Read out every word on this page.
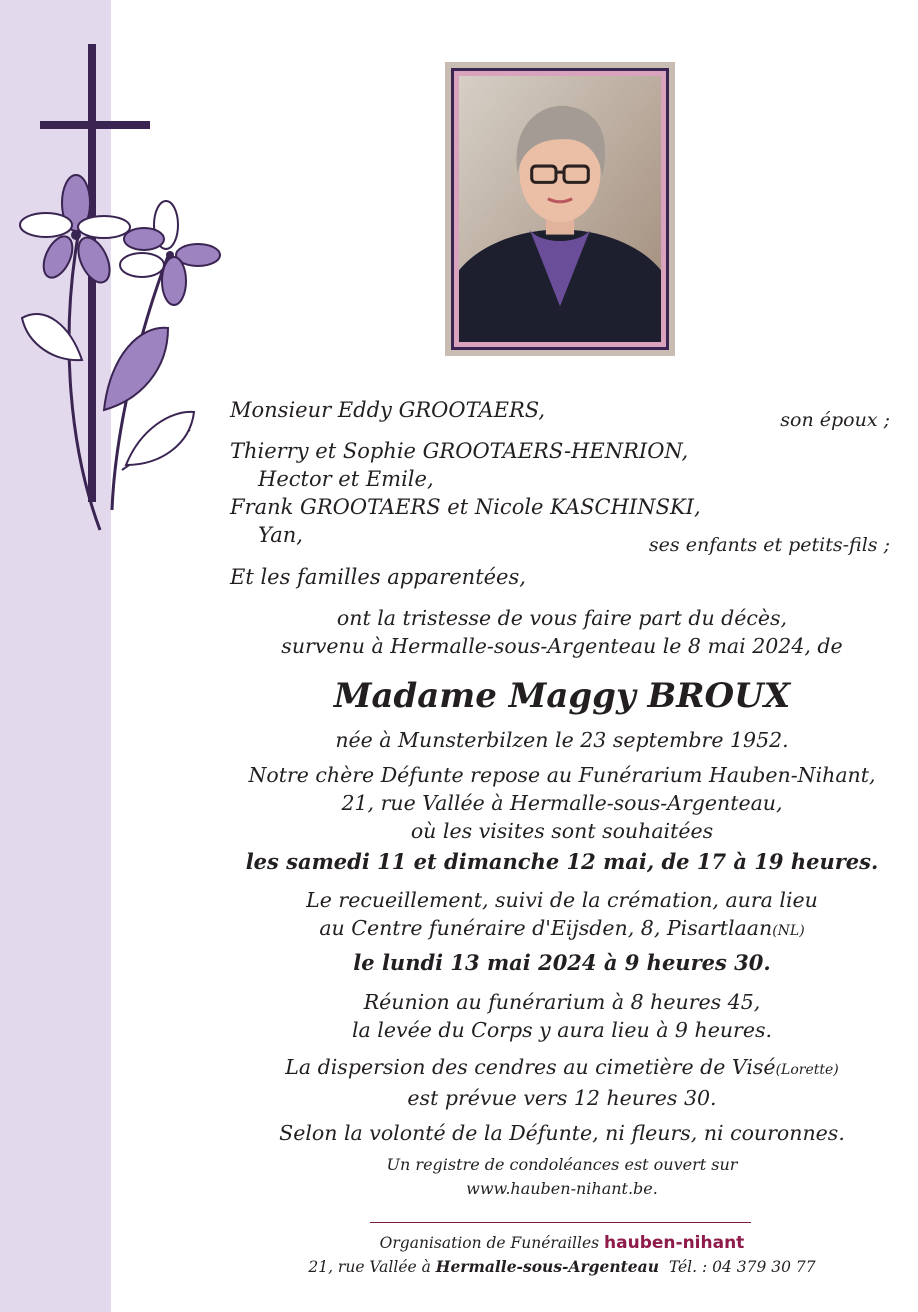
Monsieur Eddy GROOTAERS,	son époux ;
Thierry et Sophie GROOTAERS-HENRION,
Hector et Emile,
Frank GROOTAERS et Nicole KASCHINSKI,
Yan,	ses enfants et petits-fils ;
Et les familles apparentées,
ont la tristesse de vous faire part du décès,
survenu à Hermalle-sous-Argenteau le 8 mai 2024, de
Madame Maggy BROUX
née à Munsterbilzen le 23 septembre 1952.
Notre chère Défunte repose au Funérarium Hauben-Nihant,
21, rue Vallée à Hermalle-sous-Argenteau,
où les visites sont souhaitées
les samedi 11 et dimanche 12 mai, de 17 à 19 heures.
Le recueillement, suivi de la crémation, aura lieu
au Centre funéraire d'Eijsden, 8, Pisartlaan(NL)
le lundi 13 mai 2024 à 9 heures 30.
Réunion au funérarium à 8 heures 45,
la levée du Corps y aura lieu à 9 heures.
La dispersion des cendres au cimetière de Visé(Lorette)
est prévue vers 12 heures 30.
Selon la volonté de la Défunte, ni fleurs, ni couronnes.
Un registre de condoléances est ouvert sur
www.hauben-nihant.be.
Organisation de Funérailles hauben-nihant
21, rue Vallée à Hermalle-sous-Argenteau Tél. : 04 379 30 77
